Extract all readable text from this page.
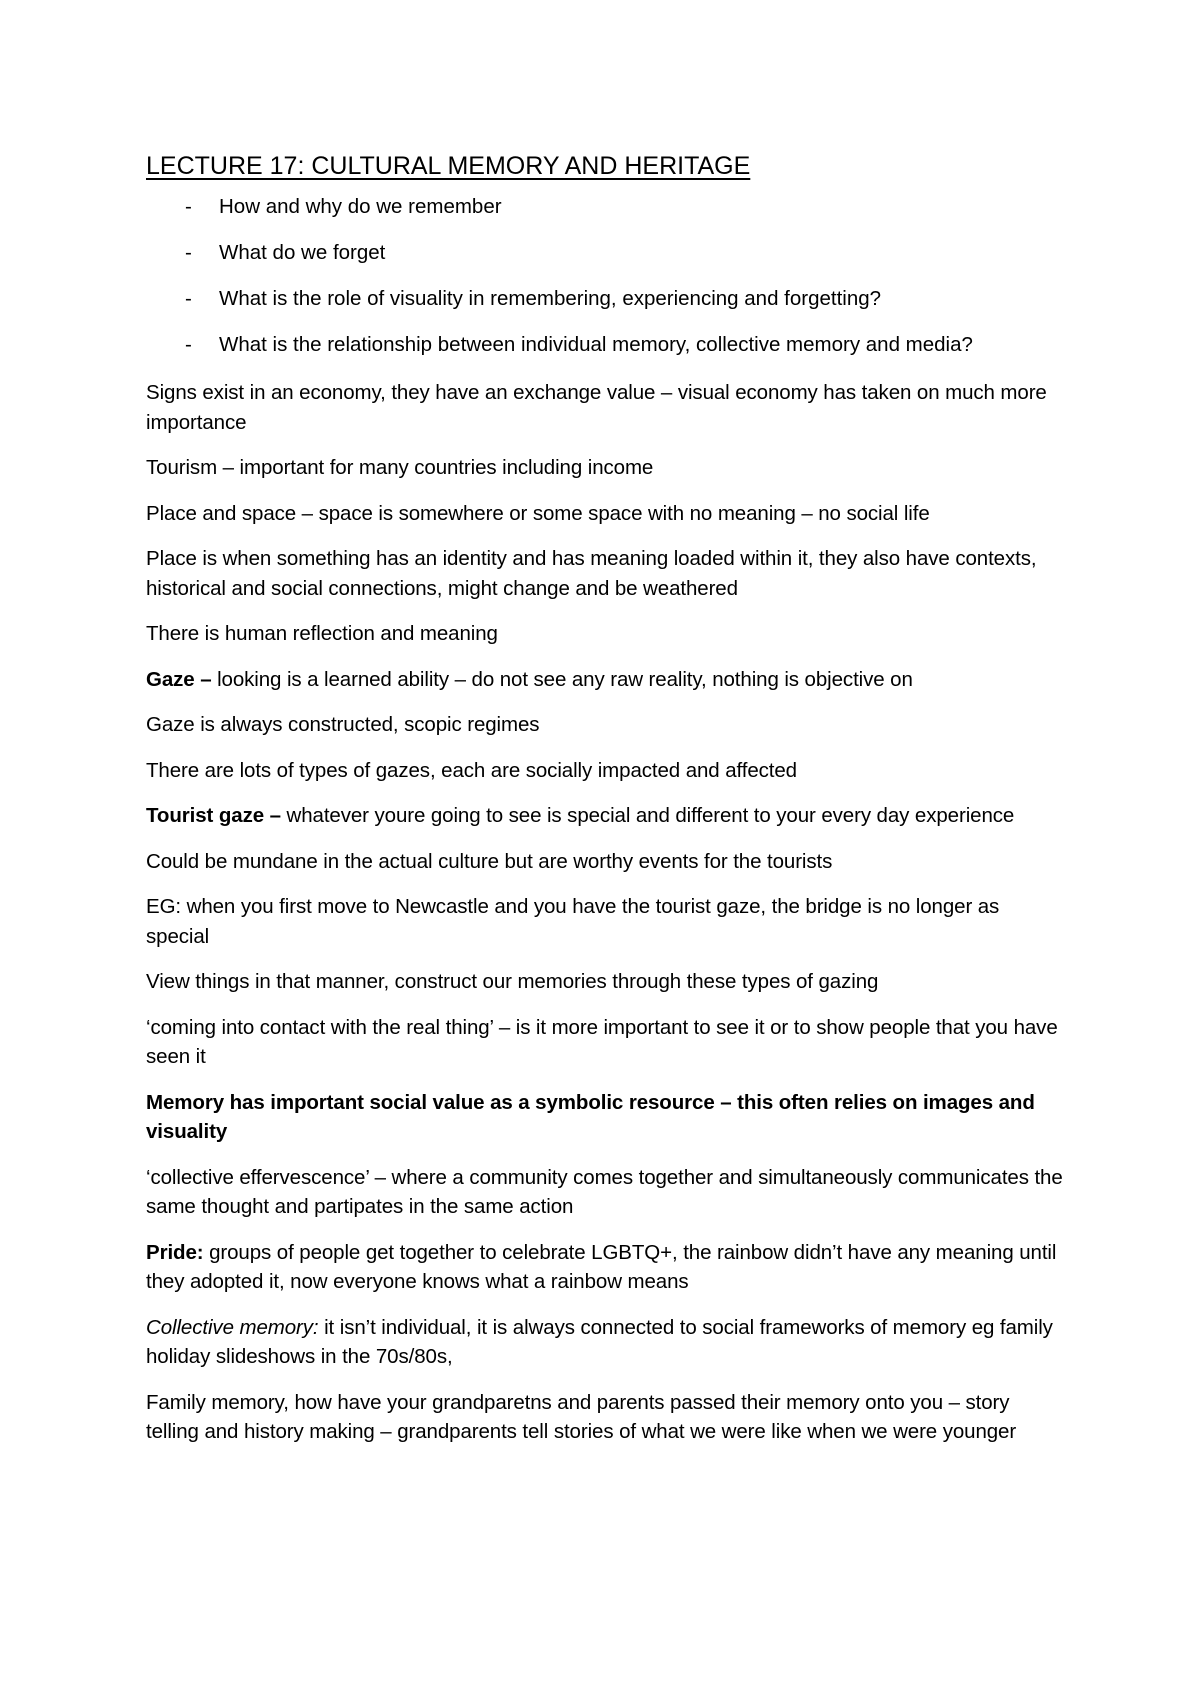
LECTURE 17: CULTURAL MEMORY AND HERITAGE
- How and why do we remember
- What do we forget
- What is the role of visuality in remembering, experiencing and forgetting?
- What is the relationship between individual memory, collective memory and media?

Signs exist in an economy, they have an exchange value – visual economy has taken on much more importance

Tourism – important for many countries including income

Place and space – space is somewhere or some space with no meaning – no social life

Place is when something has an identity and has meaning loaded within it, they also have contexts, historical and social connections, might change and be weathered

There is human reflection and meaning

Gaze – looking is a learned ability – do not see any raw reality, nothing is objective on

Gaze is always constructed, scopic regimes

There are lots of types of gazes, each are socially impacted and affected

Tourist gaze – whatever youre going to see is special and different to your every day experience

Could be mundane in the actual culture but are worthy events for the tourists

EG: when you first move to Newcastle and you have the tourist gaze, the bridge is no longer as special

View things in that manner, construct our memories through these types of gazing

‘coming into contact with the real thing’ – is it more important to see it or to show people that you have seen it

Memory has important social value as a symbolic resource – this often relies on images and visuality

‘collective effervescence’ – where a community comes together and simultaneously communicates the same thought and partipates in the same action

Pride: groups of people get together to celebrate LGBTQ+, the rainbow didn’t have any meaning until they adopted it, now everyone knows what a rainbow means

Collective memory: it isn’t individual, it is always connected to social frameworks of memory eg family holiday slideshows in the 70s/80s,

Family memory, how have your grandparetns and parents passed their memory onto you – story telling and history making – grandparents tell stories of what we were like when we were younger
